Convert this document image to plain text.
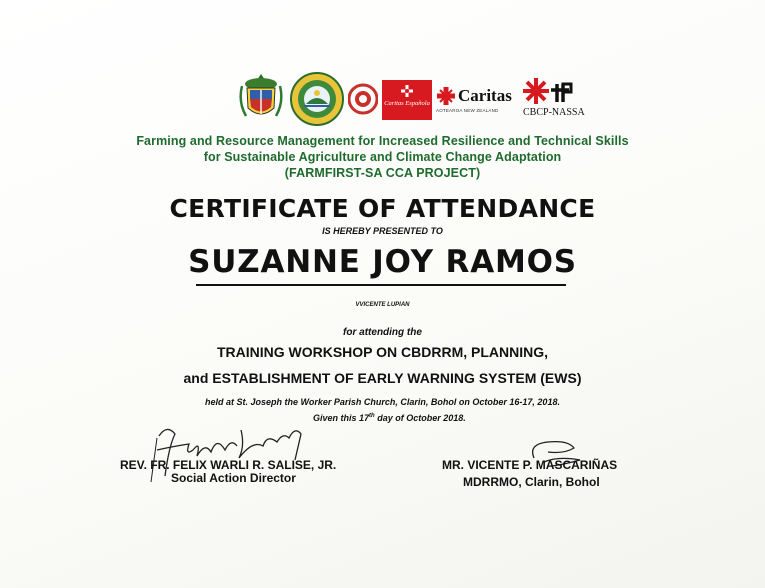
Caritas Española Caritas
AOTEAROA NEW ZEALAND CBCP-NASSA
Farming and Resource Management for Increased Resilience and Technical Skills
for Sustainable Agriculture and Climate Change Adaptation
(FARMFIRST-SA CCA PROJECT)
CERTIFICATE OF ATTENDANCE
IS HEREBY PRESENTED TO
SUZANNE JOY RAMOS
VVICENTE LUPIAN
for attending the
TRAINING WORKSHOP ON CBDRRM, PLANNING,
and ESTABLISHMENT OF EARLY WARNING SYSTEM (EWS)
held at St. Joseph the Worker Parish Church, Clarin, Bohol on October 16-17, 2018.
Given this 17th day of October 2018.
REV. FR. FELIX WARLI R. SALISE, JR.
Social Action Director
MR. VICENTE P. MASCARIÑAS
MDRRMO, Clarin, Bohol
